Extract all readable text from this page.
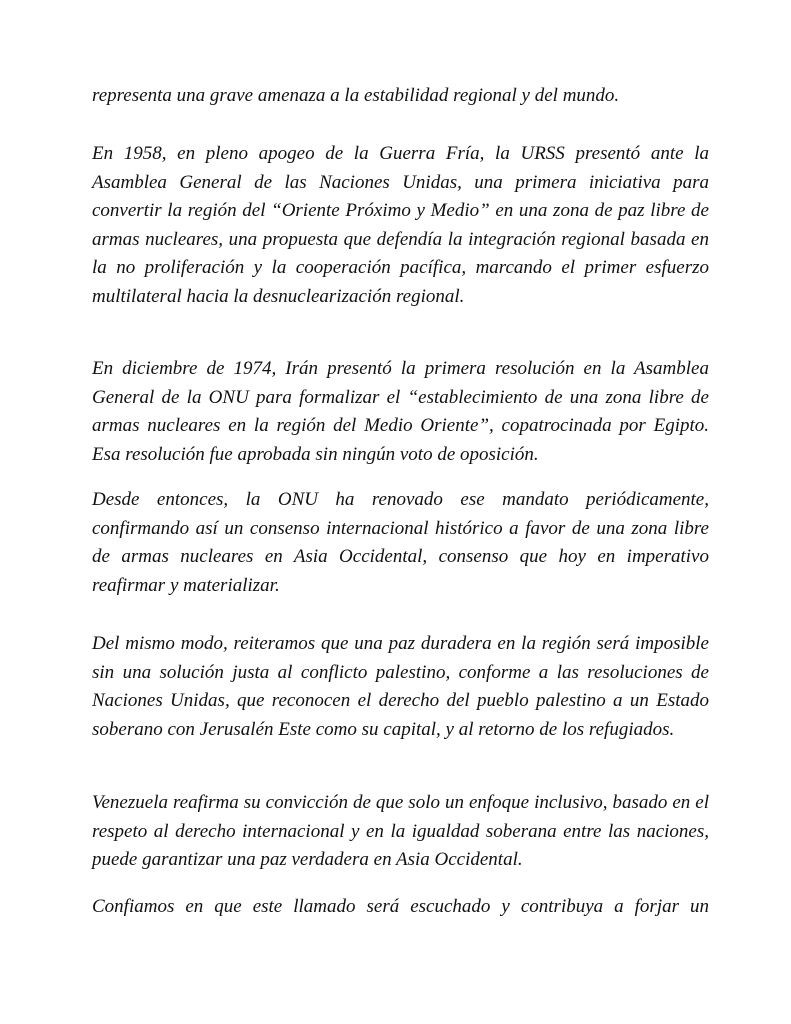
representa una grave amenaza a la estabilidad regional y del mundo.

En 1958, en pleno apogeo de la Guerra Fría, la URSS presentó ante la Asamblea General de las Naciones Unidas, una primera iniciativa para convertir la región del “Oriente Próximo y Medio” en una zona de paz libre de armas nucleares, una propuesta que defendía la integración regional basada en la no proliferación y la cooperación pacífica, marcando el primer esfuerzo multilateral hacia la desnuclearización regional.

En diciembre de 1974, Irán presentó la primera resolución en la Asamblea General de la ONU para formalizar el “establecimiento de una zona libre de armas nucleares en la región del Medio Oriente”, copatrocinada por Egipto. Esa resolución fue aprobada sin ningún voto de oposición.

Desde entonces, la ONU ha renovado ese mandato periódicamente, confirmando así un consenso internacional histórico a favor de una zona libre de armas nucleares en Asia Occidental, consenso que hoy en imperativo reafirmar y materializar.

Del mismo modo, reiteramos que una paz duradera en la región será imposible sin una solución justa al conflicto palestino, conforme a las resoluciones de Naciones Unidas, que reconocen el derecho del pueblo palestino a un Estado soberano con Jerusalén Este como su capital, y al retorno de los refugiados.

Venezuela reafirma su convicción de que solo un enfoque inclusivo, basado en el respeto al derecho internacional y en la igualdad soberana entre las naciones, puede garantizar una paz verdadera en Asia Occidental.

Confiamos en que este llamado será escuchado y contribuya a forjar un
